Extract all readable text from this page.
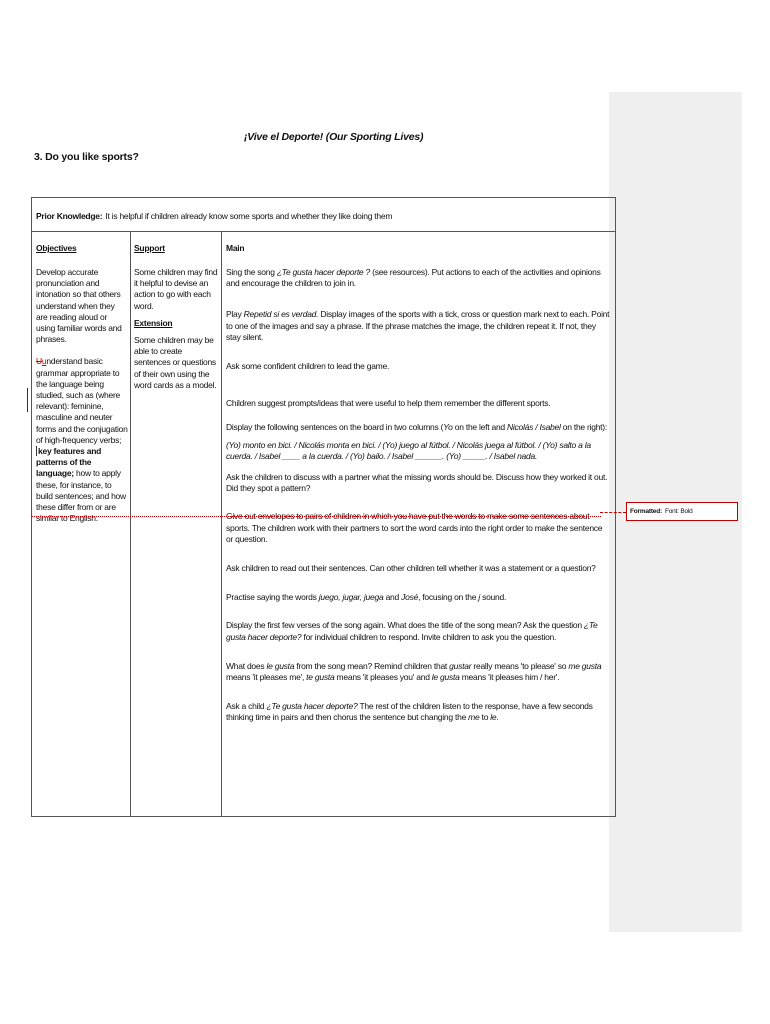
¡Vive el Deporte! (Our Sporting Lives)
3. Do you like sports?
Prior Knowledge: It is helpful if children already know some sports and whether they like doing them
Objectives

Develop accurate pronunciation and intonation so that others understand when they are reading aloud or using familiar words and phrases.

Uunderstand basic grammar appropriate to the language being studied, such as (where relevant): feminine, masculine and neuter forms and the conjugation of high-frequency verbs; key features and patterns of the language; how to apply these, for instance, to build sentences; and how these differ from or are similar to English.

Support

Some children may find it helpful to devise an action to go with each word.

Extension

Some children may be able to create sentences or questions of their own using the word cards as a model.

Main

Sing the song ¿Te gusta hacer deporte ? (see resources). Put actions to each of the activities and opinions and encourage the children to join in.

Play Repetid si es verdad. Display images of the sports with a tick, cross or question mark next to each. Point to one of the images and say a phrase. If the phrase matches the image, the children repeat it. If not, they stay silent.

Ask some confident children to lead the game.

Children suggest prompts/ideas that were useful to help them remember the different sports.

Display the following sentences on the board in two columns (Yo on the left and Nicolás / Isabel on the right):

(Yo) monto en bici. / Nicolás monta en bici. / (Yo) juego al fútbol. / Nicolás juega al fútbol. / (Yo) salto a la cuerda. / Isabel ____ a la cuerda. / (Yo) bailo. / Isabel ______. (Yo) _____. / Isabel nada.

Ask the children to discuss with a partner what the missing words should be. Discuss how they worked it out. Did they spot a pattern?

Give out envelopes to pairs of children in which you have put the words to make some sentences about sports. The children work with their partners to sort the word cards into the right order to make the sentence or question.

Ask children to read out their sentences. Can other children tell whether it was a statement or a question?

Practise saying the words juego, jugar, juega and José, focusing on the j sound.

Display the first few verses of the song again. What does the title of the song mean? Ask the question ¿Te gusta hacer deporte? for individual children to respond. Invite children to ask you the question.

What does le gusta from the song mean? Remind children that gustar really means 'to please' so me gusta means 'it pleases me', te gusta means 'it pleases you' and le gusta means 'it pleases him / her'.

Ask a child ¿Te gusta hacer deporte? The rest of the children listen to the response, have a few seconds thinking time in pairs and then chorus the sentence but changing the me to le.

Formatted: Font: Bold
